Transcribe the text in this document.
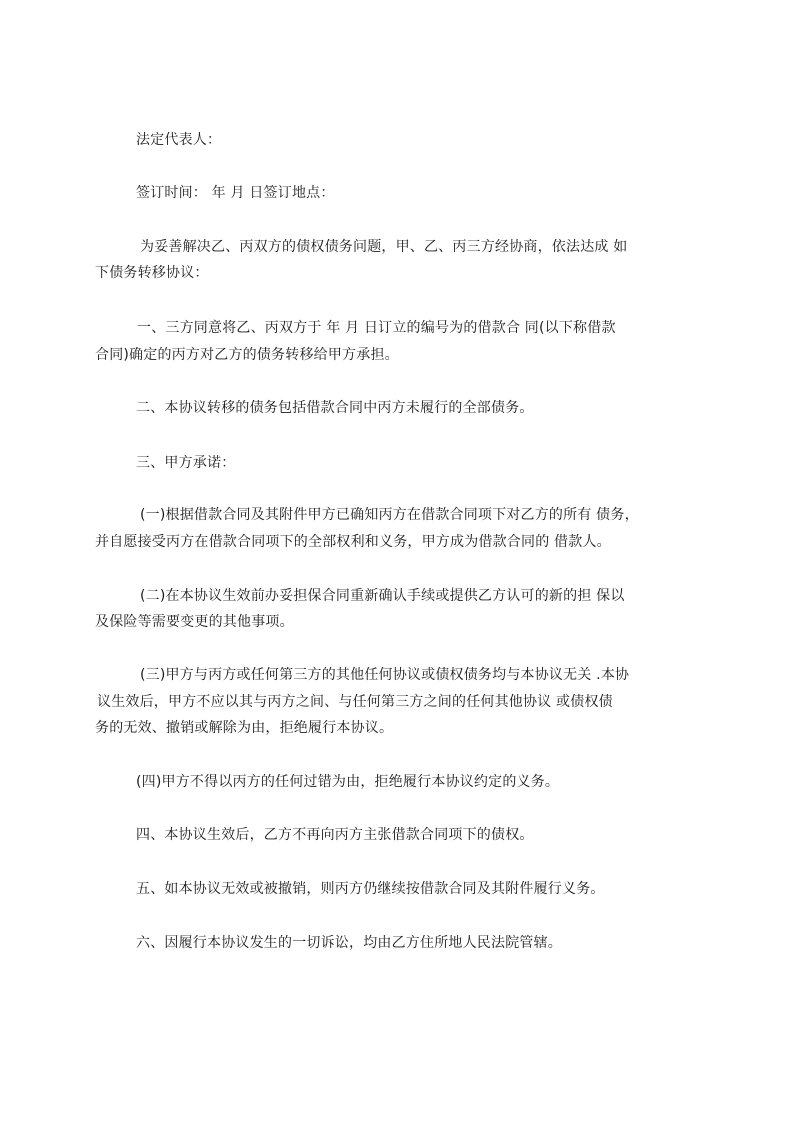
法定代表人：
签订时间： 年 月 日签订地点：
为妥善解决乙、丙双方的债权债务问题，甲、乙、丙三方经协商，依法达成 如
下债务转移协议：
一、三方同意将乙、丙双方于 年 月 日订立的编号为的借款合 同(以下称借款
合同)确定的丙方对乙方的债务转移给甲方承担。
二、本协议转移的债务包括借款合同中丙方未履行的全部债务。
三、甲方承诺：
(一)根据借款合同及其附件甲方已确知丙方在借款合同项下对乙方的所有 债务，
并自愿接受丙方在借款合同项下的全部权利和义务，甲方成为借款合同的 借款人。
(二)在本协议生效前办妥担保合同重新确认手续或提供乙方认可的新的担 保以
及保险等需要变更的其他事项。
(三)甲方与丙方或任何第三方的其他任何协议或债权债务均与本协议无关 .本协
议生效后，甲方不应以其与丙方之间、与任何第三方之间的任何其他协议 或债权债
务的无效、撤销或解除为由，拒绝履行本协议。
(四)甲方不得以丙方的任何过错为由，拒绝履行本协议约定的义务。
四、本协议生效后，乙方不再向丙方主张借款合同项下的债权。
五、如本协议无效或被撤销，则丙方仍继续按借款合同及其附件履行义务。
六、因履行本协议发生的一切诉讼，均由乙方住所地人民法院管辖。
